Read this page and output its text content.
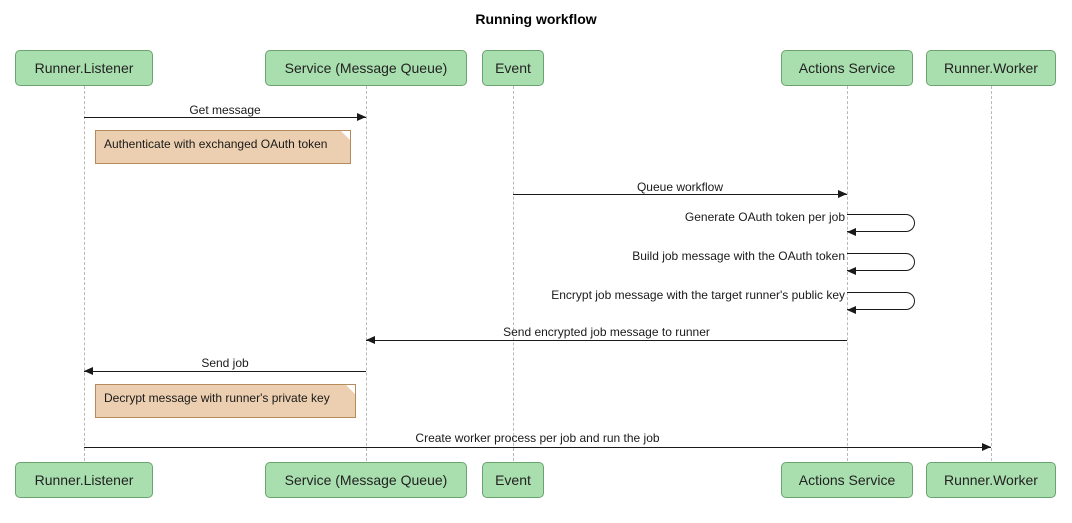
Running workflow
Runner.Listener	Service (Message Queue)	Event	Actions Service	Runner.Worker
Runner.Listener	Service (Message Queue)	Event	Actions Service	Runner.Worker
Get message
Authenticate with exchanged OAuth token
Queue workflow
Generate OAuth token per job
Build job message with the OAuth token
Encrypt job message with the target runner's public key
Send encrypted job message to runner
Send job
Decrypt message with runner's private key
Create worker process per job and run the job
